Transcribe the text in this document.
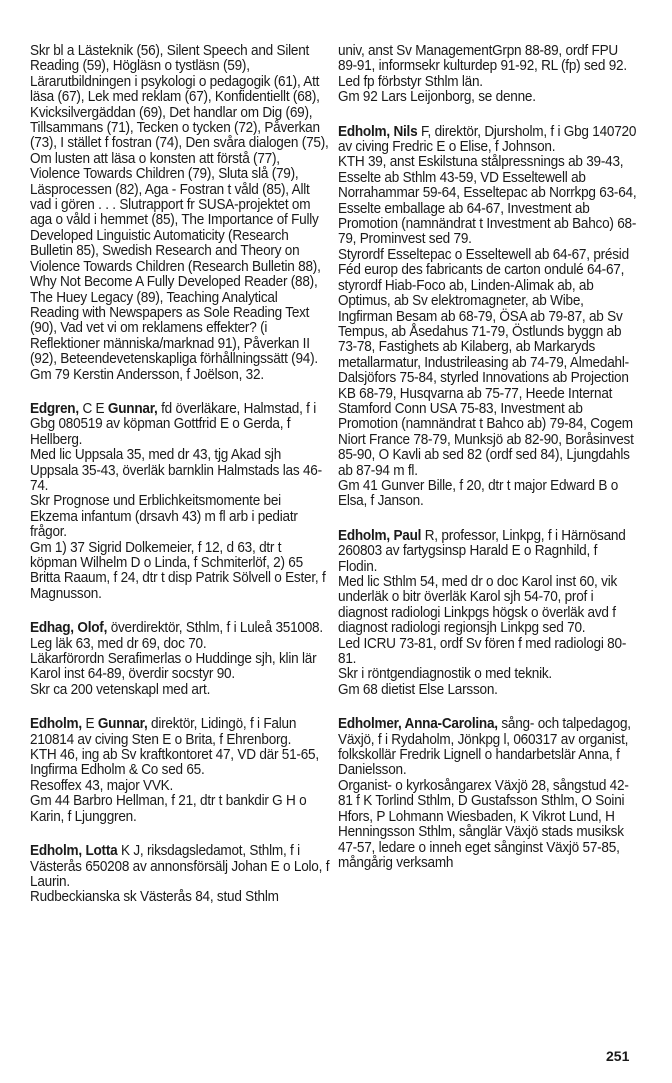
Skr bl a Lästeknik (56), Silent Speech and Silent Reading (59), Högläsn o tystläsn (59), Lärarutbildningen i psykologi o pedagogik (61), Att läsa (67), Lek med reklam (67), Konfidentiellt (68), Kvicksilvergäddan (69), Det handlar om Dig (69), Tillsammans (71), Tecken o tycken (72), Påverkan (73), I stället f fostran (74), Den svåra dialogen (75), Om lusten att läsa o konsten att förstå (77), Violence Towards Children (79), Sluta slå (79), Läsprocessen (82), Aga - Fostran t våld (85), Allt vad i gören . . . Slutrapport fr SUSA-projektet om aga o våld i hemmet (85), The Importance of Fully Developed Linguistic Automaticity (Research Bulletin 85), Swedish Research and Theory on Violence Towards Children (Research Bulletin 88), Why Not Become A Fully Developed Reader (88), The Huey Legacy (89), Teaching Analytical Reading with Newspapers as Sole Reading Text (90), Vad vet vi om reklamens effekter? (i Reflektioner människa/marknad 91), Påverkan II (92), Beteendevetenskapliga förhållningssätt (94).

Gm 79 Kerstin Andersson, f Joëlson, 32.

Edgren, C E Gunnar, fd överläkare, Halmstad, f i Gbg 080519 av köpman Gottfrid E o Gerda, f Hellberg.

Med lic Uppsala 35, med dr 43, tjg Akad sjh Uppsala 35-43, överläk barnklin Halmstads las 46-74.

Skr Prognose und Erblichkeitsmomente bei Ekzema infantum (drsavh 43) m fl arb i pediatr frågor.

Gm 1) 37 Sigrid Dolkemeier, f 12, d 63, dtr t köpman Wilhelm D o Linda, f Schmiterlöf, 2) 65 Britta Raaum, f 24, dtr t disp Patrik Sölvell o Ester, f Magnusson.

Edhag, Olof, överdirektör, Sthlm, f i Luleå 351008.

Leg läk 63, med dr 69, doc 70.

Läkarförordn Serafimerlas o Huddinge sjh, klin lär Karol inst 64-89, överdir socstyr 90.

Skr ca 200 vetenskapl med art.

Edholm, E Gunnar, direktör, Lidingö, f i Falun 210814 av civing Sten E o Brita, f Ehrenborg.

KTH 46, ing ab Sv kraftkontoret 47, VD där 51-65, Ingfirma Edholm & Co sed 65.

Resoffex 43, major VVK.

Gm 44 Barbro Hellman, f 21, dtr t bankdir G H o Karin, f Ljunggren.

Edholm, Lotta K J, riksdagsledamot, Sthlm, f i Västerås 650208 av annonsförsälj Johan E o Lolo, f Laurin.

Rudbeckianska sk Västerås 84, stud Sthlm

univ, anst Sv ManagementGrpn 88-89, ordf FPU 89-91, informsekr kulturdep 91-92, RL (fp) sed 92.

Led fp förbstyr Sthlm län.

Gm 92 Lars Leijonborg, se denne.

Edholm, Nils F, direktör, Djursholm, f i Gbg 140720 av civing Fredric E o Elise, f Johnson.

KTH 39, anst Eskilstuna stålpressnings ab 39-43, Esselte ab Sthlm 43-59, VD Esseltewell ab Norrahammar 59-64, Esseltepac ab Norrkpg 63-64, Esselte emballage ab 64-67, Investment ab Promotion (namnändrat t Investment ab Bahco) 68-79, Prominvest sed 79.

Styrordf Esseltepac o Esseltewell ab 64-67, présid Féd europ des fabricants de carton ondulé 64-67, styrordf Hiab-Foco ab, Linden-Alimak ab, ab Optimus, ab Sv elektromagneter, ab Wibe, Ingfirman Besam ab 68-79, ÖSA ab 79-87, ab Sv Tempus, ab Åsedahus 71-79, Östlunds byggn ab 73-78, Fastighets ab Kilaberg, ab Markaryds metallarmatur, Industrileasing ab 74-79, Almedahl-Dalsjöfors 75-84, styrled Innovations ab Projection KB 68-79, Husqvarna ab 75-77, Heede Internat Stamford Conn USA 75-83, Investment ab Promotion (namnändrat t Bahco ab) 79-84, Cogem Niort France 78-79, Munksjö ab 82-90, Boråsinvest 85-90, O Kavli ab sed 82 (ordf sed 84), Ljungdahls ab 87-94 m fl.

Gm 41 Gunver Bille, f 20, dtr t major Edward B o Elsa, f Janson.

Edholm, Paul R, professor, Linkpg, f i Härnösand 260803 av fartygsinsp Harald E o Ragnhild, f Flodin.

Med lic Sthlm 54, med dr o doc Karol inst 60, vik underläk o bitr överläk Karol sjh 54-70, prof i diagnost radiologi Linkpgs högsk o överläk avd f diagnost radiologi regionsjh Linkpg sed 70.

Led ICRU 73-81, ordf Sv fören f med radiologi 80-81.

Skr i röntgendiagnostik o med teknik.

Gm 68 dietist Else Larsson.

Edholmer, Anna-Carolina, sång- och talpedagog, Växjö, f i Rydaholm, Jönkpg l, 060317 av organist, folkskollär Fredrik Lignell o handarbetslär Anna, f Danielsson.

Organist- o kyrkosångarex Växjö 28, sångstud 42-81 f K Torlind Sthlm, D Gustafsson Sthlm, O Soini Hfors, P Lohmann Wiesbaden, K Vikrot Lund, H Henningsson Sthlm, sånglär Växjö stads musiksk 47-57, ledare o inneh eget sånginst Växjö 57-85, mångårig verksamh

251
